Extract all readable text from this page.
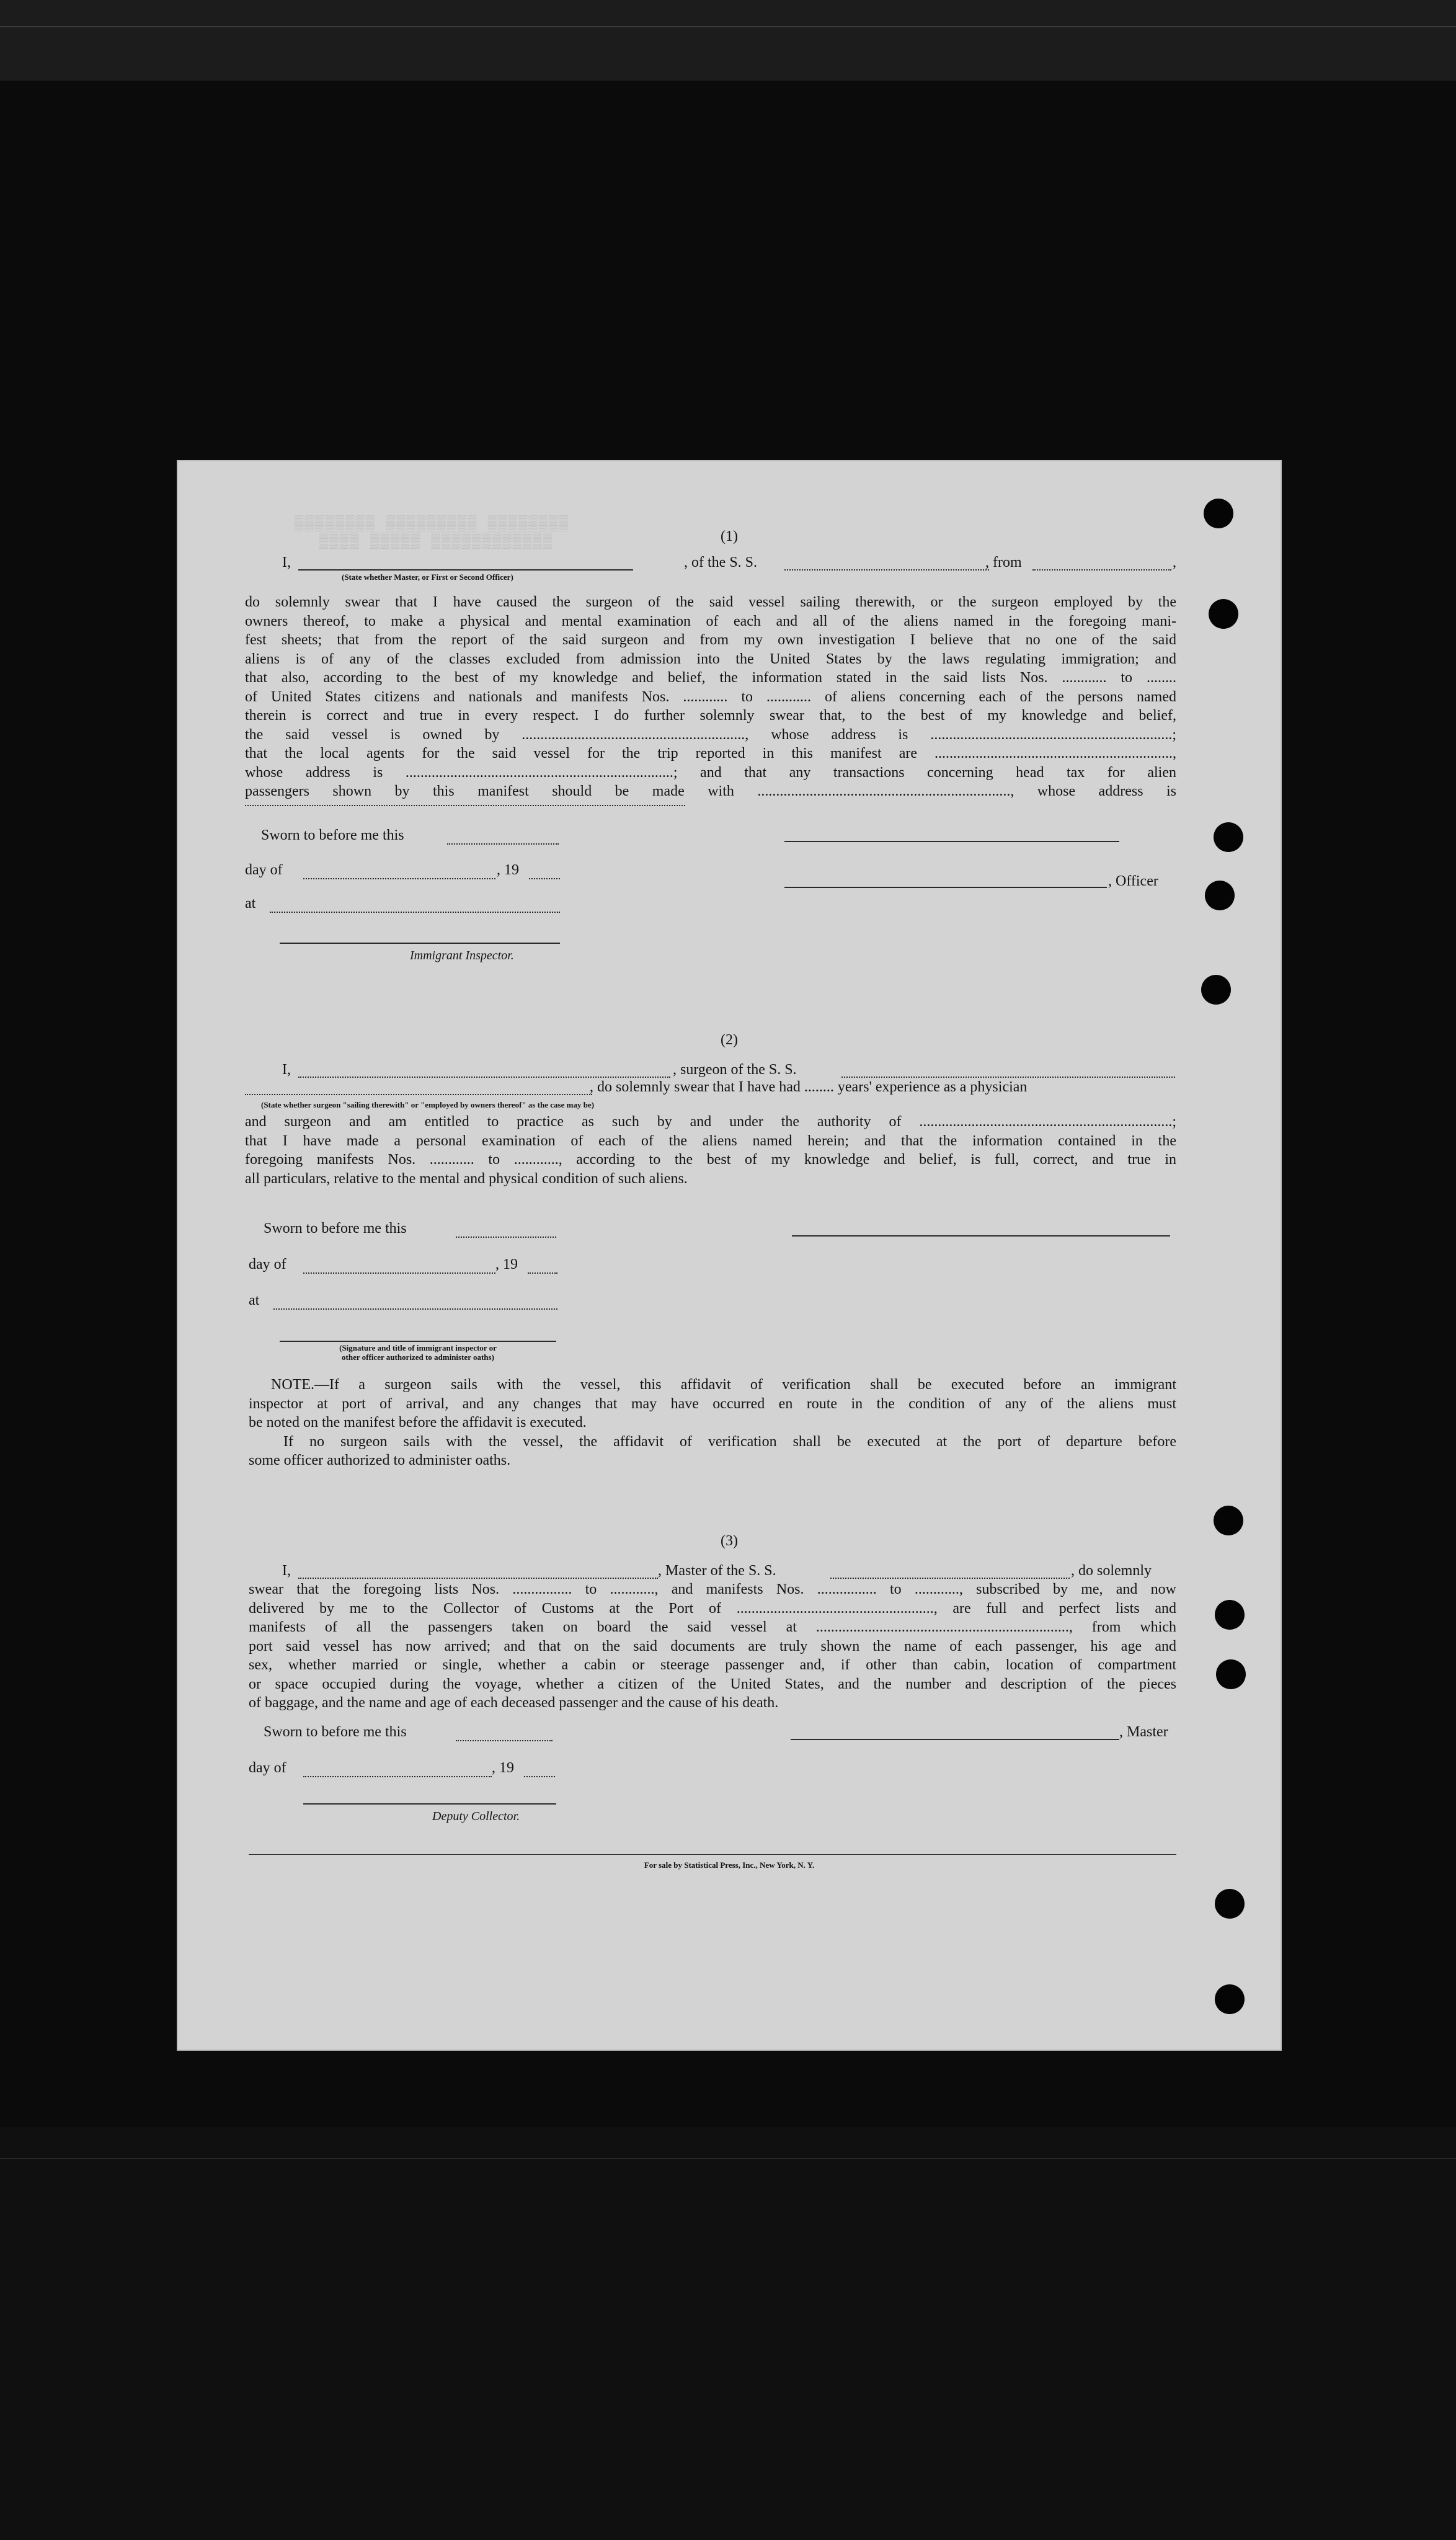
▒▒▒▒▒▒▒▒ ▒▒▒▒▒▒▒▒▒ ▒▒▒▒▒▒▒▒
▒▒▒▒ ▒▒▒▒▒ ▒▒▒▒▒▒▒▒▒▒▒▒	(1)
I,
(State whether Master, or First or Second Officer)
, of the S. S.	, from	,
do solemnly swear that I have caused the surgeon of the said vessel sailing therewith, or the surgeon employed by the
owners thereof, to make a physical and mental examination of each and all of the aliens named in the foregoing mani-
fest sheets; that from the report of the said surgeon and from my own investigation I believe that no one of the said
aliens is of any of the classes excluded from admission into the United States by the laws regulating immigration; and
that also, according to the best of my knowledge and belief, the information stated in the said lists Nos. ............ to ........
of United States citizens and nationals and manifests Nos. ............ to ............ of aliens concerning each of the persons named
therein is correct and true in every respect. I do further solemnly swear that, to the best of my knowledge and belief,
the said vessel is owned by ............................................................, whose address is .................................................................;
that the local agents for the said vessel for the trip reported in this manifest are ................................................................,
whose address is ........................................................................; and that any transactions concerning head tax for alien
passengers shown by this manifest should be made with ...................................................................., whose address is
Sworn to before me this
day of	, 19
at
Immigrant Inspector.
, Officer
(2)
I,	, surgeon of the S. S.
(State whether surgeon "sailing therewith" or "employed by owners thereof" as the case may be)
, do solemnly swear that I have had ........ years' experience as a physician
and surgeon and am entitled to practice as such by and under the authority of ....................................................................;
that I have made a personal examination of each of the aliens named herein; and that the information contained in the
foregoing manifests Nos. ............ to ............, according to the best of my knowledge and belief, is full, correct, and true in
all particulars, relative to the mental and physical condition of such aliens.
Sworn to before me this
day of	, 19
at
(Signature and title of immigrant inspector or
other officer authorized to administer oaths)
NOTE.—If a surgeon sails with the vessel, this affidavit of verification shall be executed before an immigrant
inspector at port of arrival, and any changes that may have occurred en route in the condition of any of the aliens must
be noted on the manifest before the affidavit is executed.
If no surgeon sails with the vessel, the affidavit of verification shall be executed at the port of departure before
some officer authorized to administer oaths.
(3)
I,	, Master of the S. S.	, do solemnly
swear that the foregoing lists Nos. ................ to ............, and manifests Nos. ................ to ............, subscribed by me, and now
delivered by me to the Collector of Customs at the Port of ....................................................., are full and perfect lists and
manifests of all the passengers taken on board the said vessel at ...................................................................., from which
port said vessel has now arrived; and that on the said documents are truly shown the name of each passenger, his age and
sex, whether married or single, whether a cabin or steerage passenger and, if other than cabin, location of compartment
or space occupied during the voyage, whether a citizen of the United States, and the number and description of the pieces
of baggage, and the name and age of each deceased passenger and the cause of his death.
Sworn to before me this
day of	, 19
Deputy Collector.
, Master
For sale by Statistical Press, Inc., New York, N. Y.
